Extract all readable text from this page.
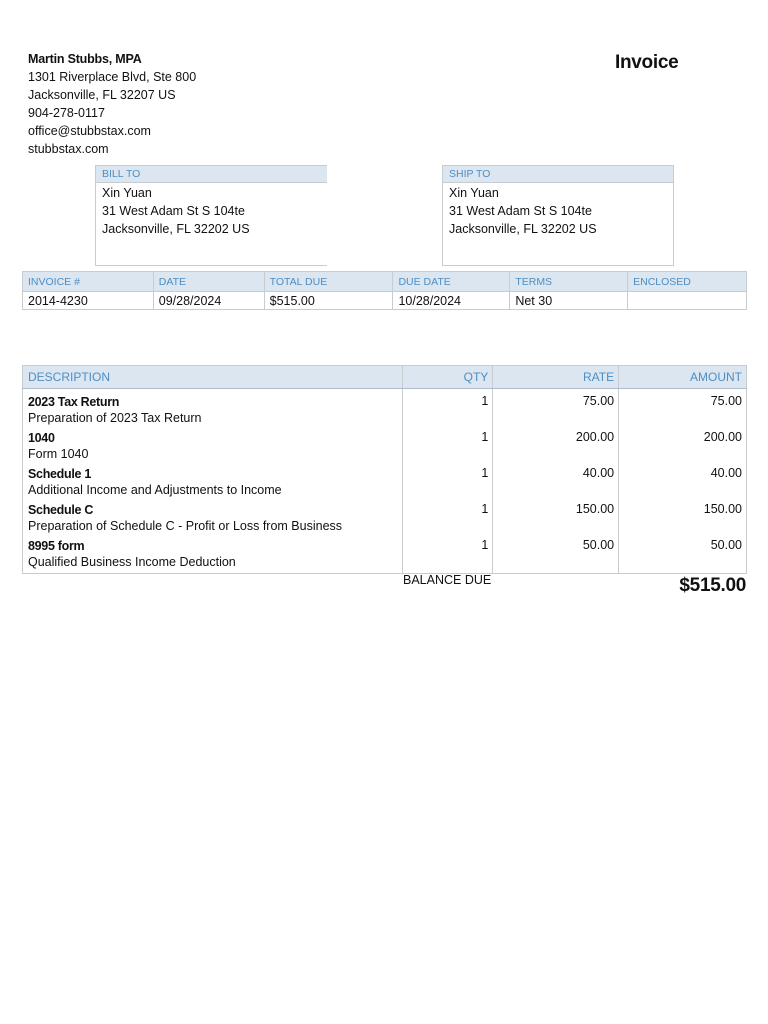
Martin Stubbs, MPA
1301 Riverplace Blvd, Ste 800
Jacksonville, FL 32207 US
904-278-0117
office@stubbstax.com
stubbstax.com
Invoice
BILL TO
Xin Yuan
31 West Adam St S 104te
Jacksonville, FL 32202 US
SHIP TO
Xin Yuan
31 West Adam St S 104te
Jacksonville, FL 32202 US
INVOICE #	DATE	TOTAL DUE	DUE DATE	TERMS	ENCLOSED
2014-4230	09/28/2024	$515.00	10/28/2024	Net 30	
DESCRIPTION	QTY	RATE	AMOUNT

2023 Tax Return
Preparation of 2023 Tax Return	1	75.00	75.00

1040
Form 1040	1	200.00	200.00

Schedule 1
Additional Income and Adjustments to Income	1	40.00	40.00

Schedule C
Preparation of Schedule C - Profit or Loss from Business	1	150.00	150.00

8995 form
Qualified Business Income Deduction	1	50.00	50.00
BALANCE DUE	$515.00
